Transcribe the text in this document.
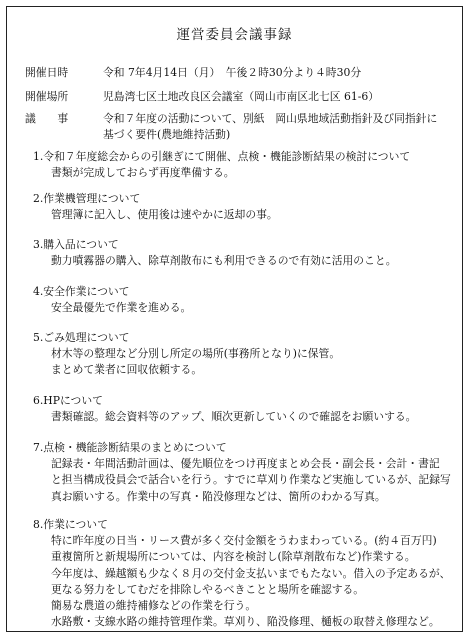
運営委員会議事録
開催日時	令和 7年4月14日（月）　午後２時30分より４時30分
開催場所	児島湾七区土地改良区会議室（岡山市南区北七区 61-6）
議　　事	令和７年度の活動について、別紙　岡山県地域活動指針及び同指針に
基づく要件(農地維持活動)
1.令和７年度総会からの引継ぎにて開催、点検・機能診断結果の検討について
書類が完成しておらず再度準備する。
2.作業機管理について
管理簿に記入し、使用後は速やかに返却の事。
3.購入品について
動力噴霧器の購入、除草剤散布にも利用できるので有効に活用のこと。
4.安全作業について
安全最優先で作業を進める。
5.ごみ処理について
材木等の整理など分別し所定の場所(事務所となり)に保管。
まとめて業者に回収依頼する。
6.HPについて
書類確認。総会資料等のアップ、順次更新していくので確認をお願いする。
7.点検・機能診断結果のまとめについて
記録表・年間活動計画は、優先順位をつけ再度まとめ会長・副会長・会計・書記
と担当構成役員会で話合いを行う。すでに草刈り作業など実施しているが、記録写
真お願いする。作業中の写真・陥没修理などは、箇所のわかる写真。
8.作業について
特に昨年度の日当・リース費が多く交付金額をうわまわっている。(約４百万円)
重複箇所と新規場所については、内容を検討し(除草剤散布など)作業する。
今年度は、繰越額も少なく８月の交付金支払いまでもたない。借入の予定あるが、
更なる努力をしてむだを排除しやるべきことと場所を確認する。
簡易な農道の維持補修などの作業を行う。
水路敷・支線水路の維持管理作業。草刈り、陥没修理、樋板の取替え修理など。
